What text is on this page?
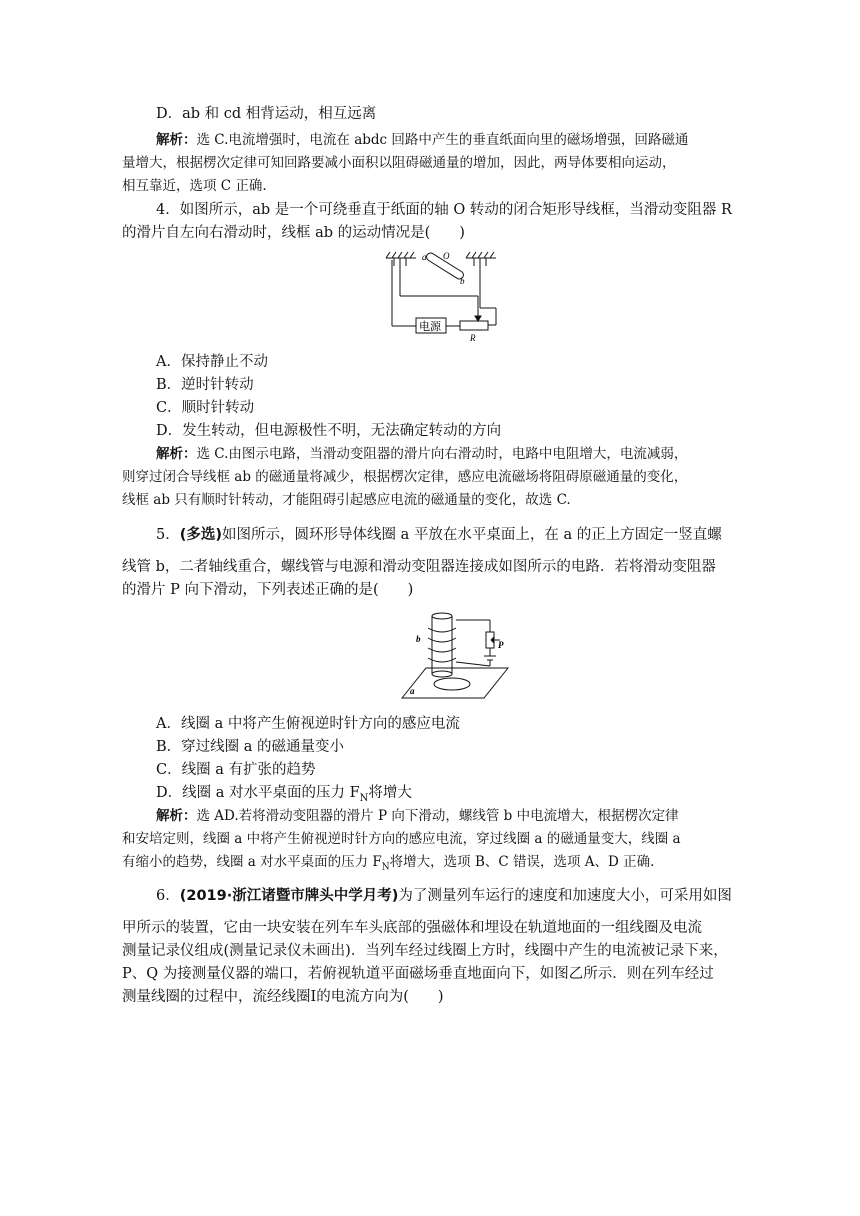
D．ab 和 cd 相背运动，相互远离
解析：选 C.电流增强时，电流在 abdc 回路中产生的垂直纸面向里的磁场增强，回路磁通
量增大，根据楞次定律可知回路要减小面积以阻碍磁通量的增加，因此，两导体要相向运动，
相互靠近，选项 C 正确.
4．如图所示，ab 是一个可绕垂直于纸面的轴 O 转动的闭合矩形导线框，当滑动变阻器 R
的滑片自左向右滑动时，线框 ab 的运动情况是(　　)
a O
b
电源
R
A．保持静止不动
B．逆时针转动
C．顺时针转动
D．发生转动，但电源极性不明，无法确定转动的方向
解析：选 C.由图示电路，当滑动变阻器的滑片向右滑动时，电路中电阻增大，电流减弱，
则穿过闭合导线框 ab 的磁通量将减少，根据楞次定律，感应电流磁场将阻碍原磁通量的变化，
线框 ab 只有顺时针转动，才能阻碍引起感应电流的磁通量的变化，故选 C.
5．(多选)如图所示，圆环形导体线圈 a 平放在水平桌面上，在 a 的正上方固定一竖直螺
线管 b，二者轴线重合，螺线管与电源和滑动变阻器连接成如图所示的电路．若将滑动变阻器
的滑片 P 向下滑动，下列表述正确的是(　　)
b
P
a
A．线圈 a 中将产生俯视逆时针方向的感应电流
B．穿过线圈 a 的磁通量变小
C．线圈 a 有扩张的趋势
D．线圈 a 对水平桌面的压力 $F_N$将增大
解析：选 AD.若将滑动变阻器的滑片 P 向下滑动，螺线管 b 中电流增大，根据楞次定律
和安培定则，线圈 a 中将产生俯视逆时针方向的感应电流，穿过线圈 a 的磁通量变大，线圈 a
有缩小的趋势，线圈 a 对水平桌面的压力 $F_N$将增大，选项 B、C 错误，选项 A、D 正确.
6．(2019·浙江诸暨市牌头中学月考)为了测量列车运行的速度和加速度大小，可采用如图
甲所示的装置，它由一块安装在列车车头底部的强磁体和埋设在轨道地面的一组线圈及电流
测量记录仪组成(测量记录仪未画出)．当列车经过线圈上方时，线圈中产生的电流被记录下来，
P、Q 为接测量仪器的端口，若俯视轨道平面磁场垂直地面向下，如图乙所示．则在列车经过
测量线圈的过程中，流经线圈Ⅰ的电流方向为(　　)
